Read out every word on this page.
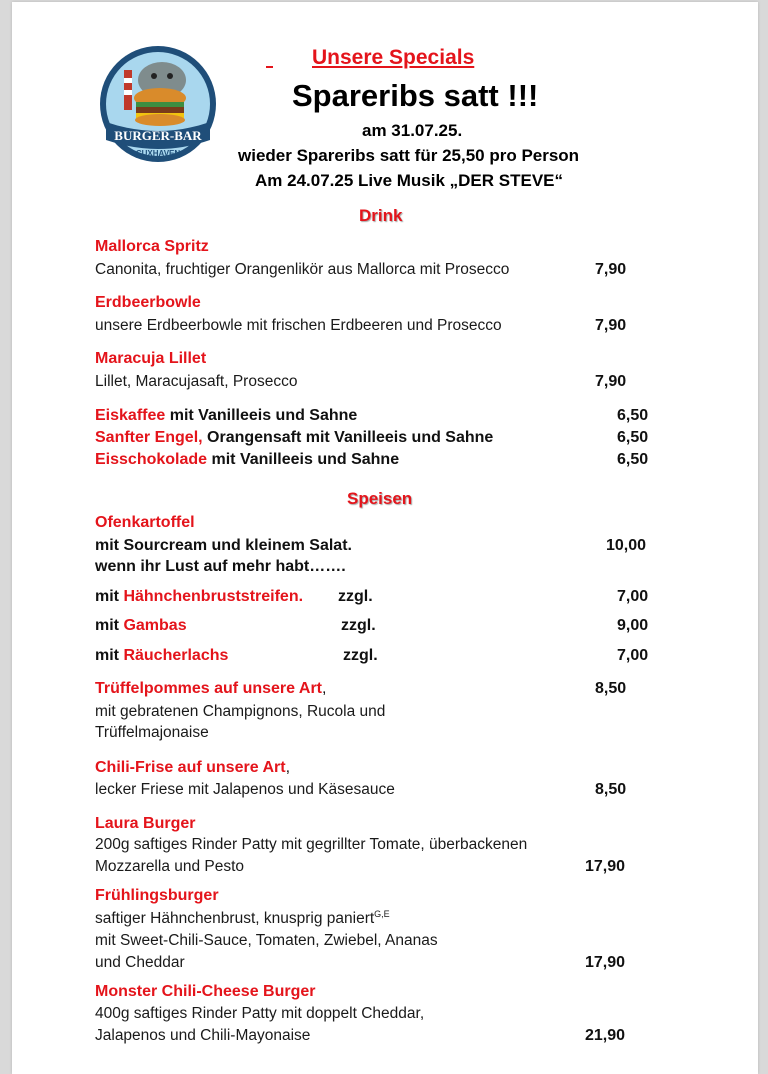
BURGER-BAR
CUXHAVEN
Unsere Specials
Spareribs satt !!!
am 31.07.25.
wieder Spareribs satt für 25,50 pro Person
Am 24.07.25 Live Musik „DER STEVE“
Drink
Mallorca Spritz
Canonita, fruchtiger Orangenlikör aus Mallorca mit Prosecco	7,90
Erdbeerbowle
unsere Erdbeerbowle mit frischen Erdbeeren und Prosecco	7,90
Maracuja Lillet
Lillet, Maracujasaft, Prosecco	7,90
Eiskaffee mit Vanilleeis und Sahne	6,50
Sanfter Engel, Orangensaft mit Vanilleeis und Sahne	6,50
Eisschokolade mit Vanilleeis und Sahne	6,50
Speisen
Ofenkartoffel
mit Sourcream und kleinem Salat.	10,00
wenn ihr Lust auf mehr habt…….
mit Hähnchenbruststreifen. zzgl.	7,00
mit Gambas	zzgl.	9,00
mit Räucherlachs	zzgl.	7,00
Trüffelpommes auf unsere Art,	8,50
mit gebratenen Champignons, Rucola und
Trüffelmajonaise
Chili-Frise auf unsere Art,
lecker Friese mit Jalapenos und Käsesauce	8,50
Laura Burger
200g saftiges Rinder Patty mit gegrillter Tomate, überbackenen
Mozzarella und Pesto	17,90
Frühlingsburger
saftiger Hähnchenbrust, knusprig paniert$^{G,E}$
mit Sweet-Chili-Sauce, Tomaten, Zwiebel, Ananas
und Cheddar	17,90
Monster Chili-Cheese Burger
400g saftiges Rinder Patty mit doppelt Cheddar,
Jalapenos und Chili-Mayonaise	21,90
